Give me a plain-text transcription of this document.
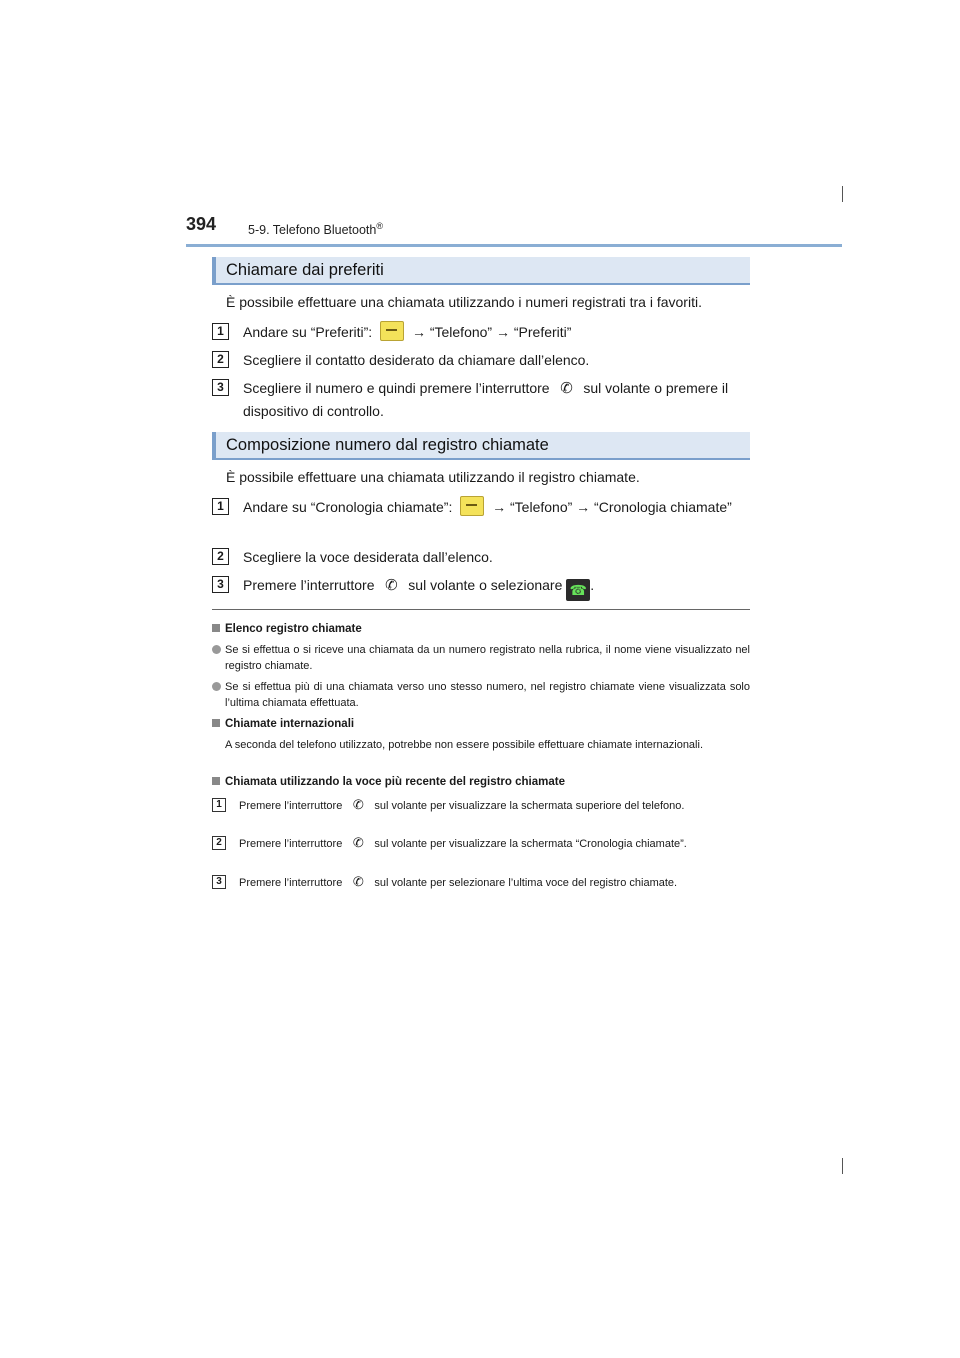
394	5-9. Telefono Bluetooth®
Chiamare dai preferiti
È possibile effettuare una chiamata utilizzando i numeri registrati tra i favoriti.
1	Andare su “Preferiti”:  → “Telefono” → “Preferiti”
2	Scegliere il contatto desiderato da chiamare dall’elenco.
3	Scegliere il numero e quindi premere l’interruttore ✆ sul volante o premere il dispositivo di controllo.
Composizione numero dal registro chiamate
È possibile effettuare una chiamata utilizzando il registro chiamate.
1	Andare su “Cronologia chiamate”:  → “Telefono” → “Cronologia chiamate”
2	Scegliere la voce desiderata dall’elenco.
3	Premere l’interruttore ✆ sul volante o selezionare ☎ .
Elenco registro chiamate
Se si effettua o si riceve una chiamata da un numero registrato nella rubrica, il nome viene visualizzato nel registro chiamate.
Se si effettua più di una chiamata verso uno stesso numero, nel registro chiamate viene visualizzata solo l’ultima chiamata effettuata.
Chiamate internazionali
A seconda del telefono utilizzato, potrebbe non essere possibile effettuare chiamate internazionali.
Chiamata utilizzando la voce più recente del registro chiamate
1	Premere l’interruttore ✆ sul volante per visualizzare la schermata superiore del telefono.
2	Premere l’interruttore ✆ sul volante per visualizzare la schermata “Cronologia chiamate”.
3	Premere l’interruttore ✆ sul volante per selezionare l’ultima voce del registro chiamate.
